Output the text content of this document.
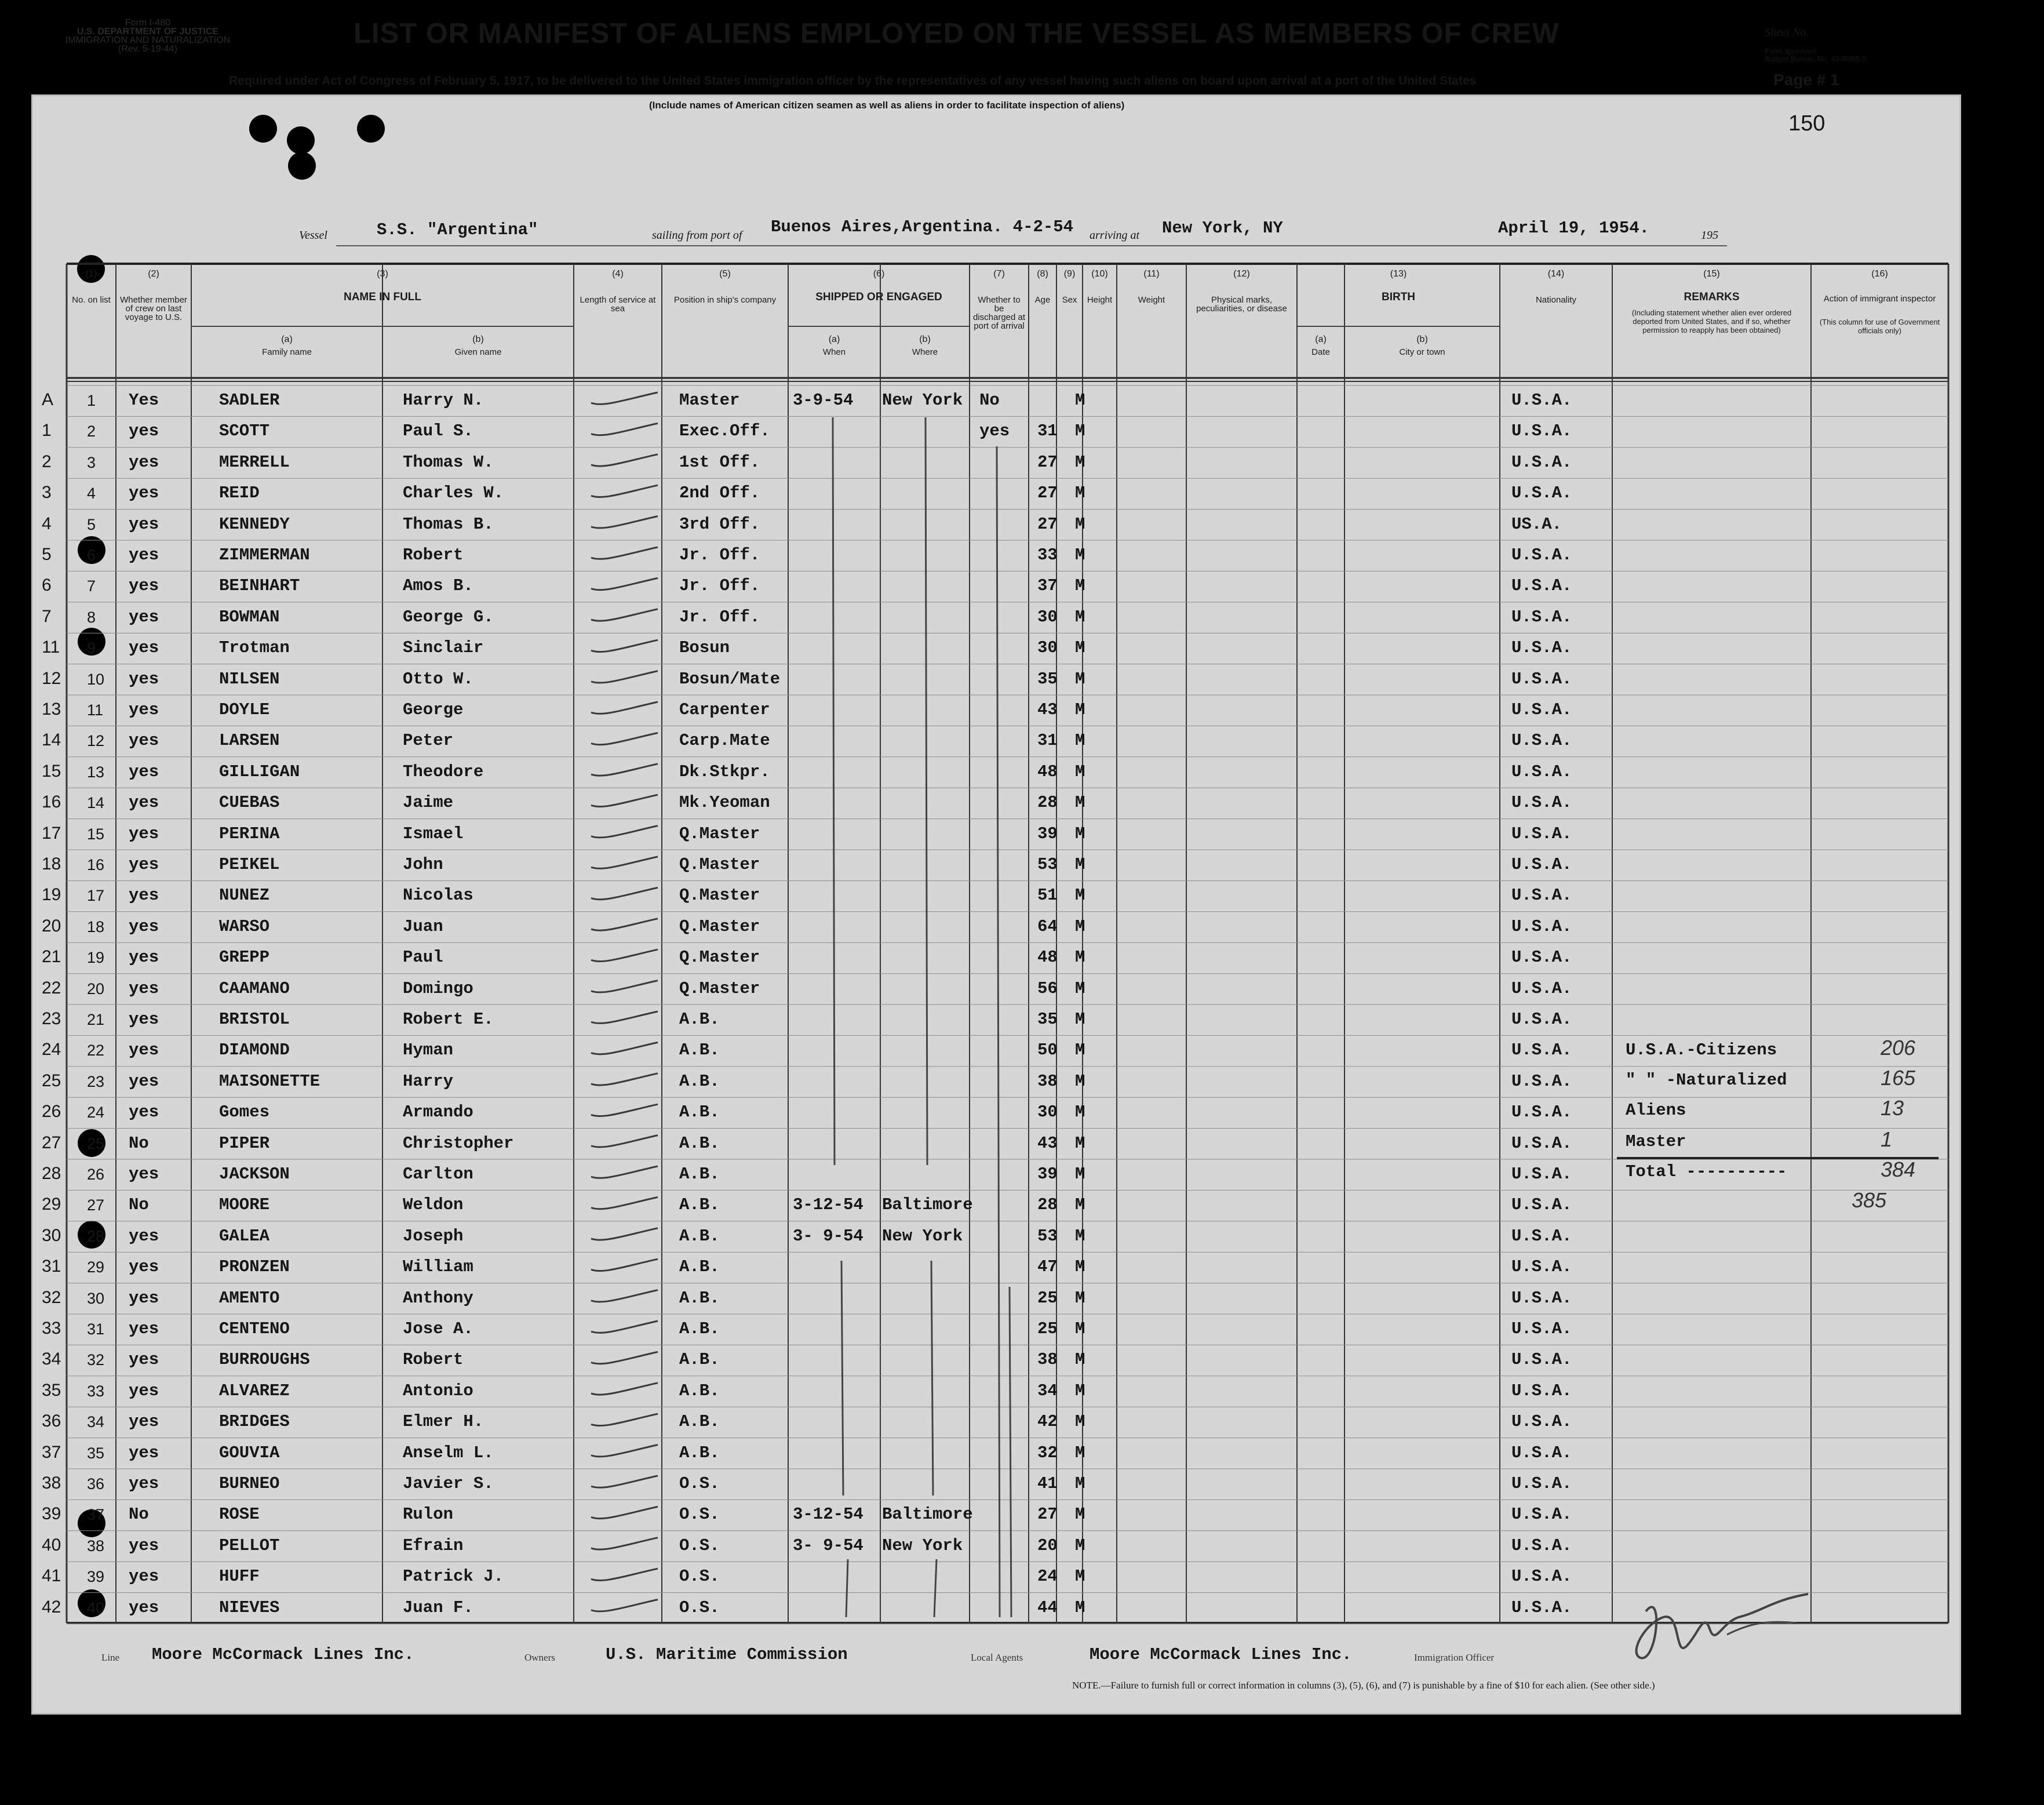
Form I-480
U.S. DEPARTMENT OF JUSTICE
IMMIGRATION AND NATURALIZATION
(Rev. 5-19-44)	LIST OR MANIFEST OF ALIENS EMPLOYED ON THE VESSEL AS MEMBERS OF CREW
Required under Act of Congress of February 5, 1917, to be delivered to the United States immigration officer by the representatives of any vessel having such aliens on board upon arrival at a port of the United States
(Include names of American citizen seamen as well as aliens in order to facilitate inspection of aliens)
Sheet No.
Form approved.
Budget Bureau No. 43-R065.5.
Page # 1
150
Vessel	S.S. "Argentina"	sailing from port of Buenos Aires,Argentina. 4-2-54 arriving at New York, NY	April 19, 1954.	195
(1)
No. on list
(2)
Whether member of crew on last voyage to U.S.
(4)
Length of service at sea
(5)
Position in ship's company
(7)
Whether to be discharged at port of arrival
(8)
Age
(9)
Sex
(10)
Height
(11)
Weight
(12)
Physical marks, peculiarities, or disease
(14)
Nationality
(3)
NAME IN FULL
(a)
Family name
(b)
Given name
(6)
SHIPPED OR ENGAGED
(a)
When
(b)
Where
(13)
BIRTH
(a)
Date
(b)
City or town
(15)
REMARKS
(Including statement whether alien ever ordered deported from United States, and if so, whether permission to reapply has been obtained)
(16)
Action of immigrant inspector
(This column for use of Government officials only)
A 1 Yes	SADLER	Harry N.	Master	3-9-54 New York No	M	U.S.A.
1 2 yes	SCOTT	Paul S.	Exec.Off.	yes 31 M	U.S.A.
2 3 yes	MERRELL	Thomas W.	1st Off.	27 M	U.S.A.
3 4 yes	REID	Charles W.	2nd Off.	27 M	U.S.A.
4 5 yes	KENNEDY	Thomas B.	3rd Off.	27 M	US.A.
5 6 yes	ZIMMERMAN	Robert	Jr. Off.	33 M	U.S.A.
6 7 yes	BEINHART	Amos B.	Jr. Off.	37 M	U.S.A.
7 8 yes	BOWMAN	George G.	Jr. Off.	30 M	U.S.A.
11 9 yes	Trotman	Sinclair	Bosun	30 M	U.S.A.
12 10 yes	NILSEN	Otto W.	Bosun/Mate	35 M	U.S.A.
13 11 yes	DOYLE	George	Carpenter	43 M	U.S.A.
14 12 yes	LARSEN	Peter	Carp.Mate	31 M	U.S.A.
15 13 yes	GILLIGAN	Theodore	Dk.Stkpr.	48 M	U.S.A.
16 14 yes	CUEBAS	Jaime	Mk.Yeoman	28 M	U.S.A.
17 15 yes	PERINA	Ismael	Q.Master	39 M	U.S.A.
18 16 yes	PEIKEL	John	Q.Master	53 M	U.S.A.
19 17 yes	NUNEZ	Nicolas	Q.Master	51 M	U.S.A.
20 18 yes	WARSO	Juan	Q.Master	64 M	U.S.A.
21 19 yes	GREPP	Paul	Q.Master	48 M	U.S.A.
22 20 yes	CAAMANO	Domingo	Q.Master	56 M	U.S.A.
23 21 yes	BRISTOL	Robert E.	A.B.	35 M	U.S.A.
24 22 yes	DIAMOND	Hyman	A.B.	50 M	U.S.A.
25 23 yes	MAISONETTE	Harry	A.B.	38 M	U.S.A.
26 24 yes	Gomes	Armando	A.B.	30 M	U.S.A.
27 25 No	PIPER	Christopher	A.B.	43 M	U.S.A.
28 26 yes	JACKSON	Carlton	A.B.	39 M	U.S.A.
29 27 No	MOORE	Weldon	A.B.	3-12-54 Baltimore	28 M	U.S.A.
30 28 yes	GALEA	Joseph	A.B.	3- 9-54 New York	53 M	U.S.A.
31 29 yes	PRONZEN	William	A.B.	47 M	U.S.A.
32 30 yes	AMENTO	Anthony	A.B.	25 M	U.S.A.
33 31 yes	CENTENO	Jose A.	A.B.	25 M	U.S.A.
34 32 yes	BURROUGHS	Robert	A.B.	38 M	U.S.A.
35 33 yes	ALVAREZ	Antonio	A.B.	34 M	U.S.A.
36 34 yes	BRIDGES	Elmer H.	A.B.	42 M	U.S.A.
37 35 yes	GOUVIA	Anselm L.	A.B.	32 M	U.S.A.
38 36 yes	BURNEO	Javier S.	O.S.	41 M	U.S.A.
39 37 No	ROSE	Rulon	O.S.	3-12-54 Baltimore	27 M	U.S.A.
40 38 yes	PELLOT	Efrain	O.S.	3- 9-54 New York	20 M	U.S.A.
41 39 yes	HUFF	Patrick J.	O.S.	24 M	U.S.A.
42 40 yes	NIEVES	Juan F.	O.S.	44 M	U.S.A.
U.S.A.-Citizens	206
" " -Naturalized	165
Aliens	13
Master	1
Total ----------	384
385
Line Moore McCormack Lines Inc.	Owners	U.S. Maritime Commission	Local Agents	Moore McCormack Lines Inc.	Immigration Officer
NOTE.—Failure to furnish full or correct information in columns (3), (5), (6), and (7) is punishable by a fine of $10 for each alien. (See other side.)
